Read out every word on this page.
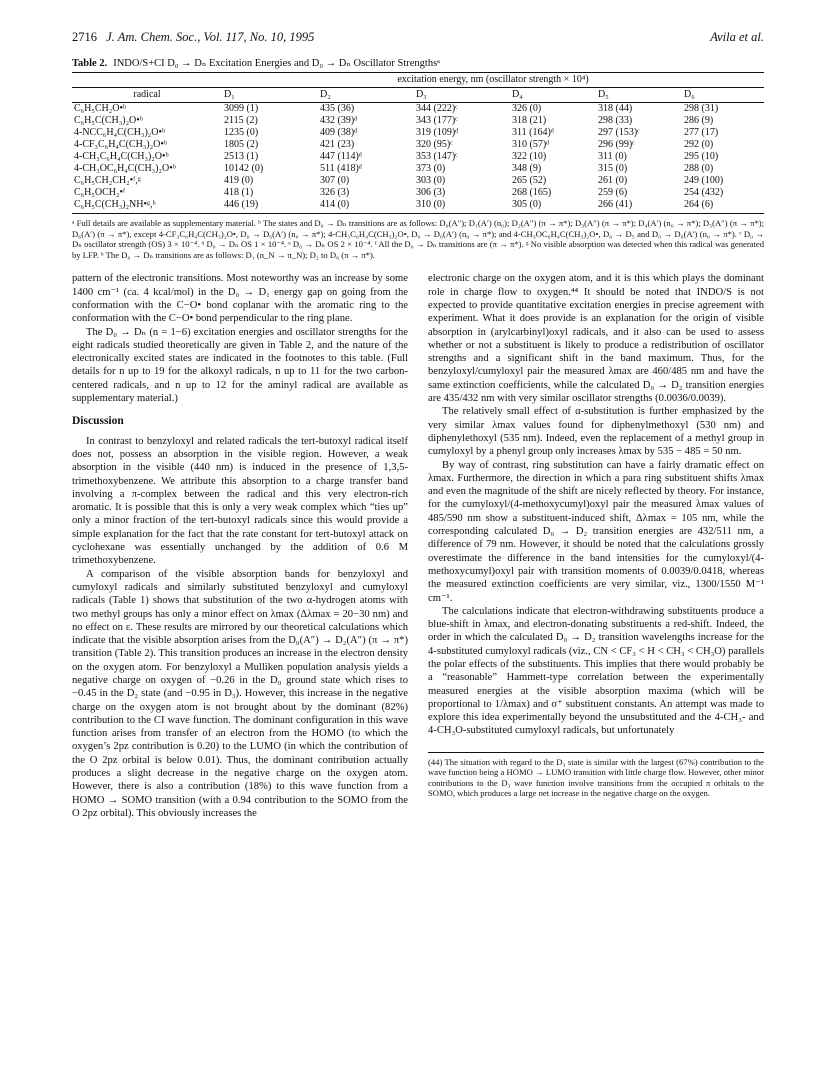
2716 J. Am. Chem. Soc., Vol. 117, No. 10, 1995	Avila et al.
Table 2. INDO/S+CI D₀ → Dₙ Excitation Energies and D₀ → Dₙ Oscillator Strengthsᵃ

	excitation energy, nm (oscillator strength × 10⁴)					
radical	D₁	D₂	D₃	D₄	D₅	D₆
C₆H₅CH₂O•ᵇ	3099 (1)	435 (36)	344 (222)ᶜ	326 (0)	318 (44)	298 (31)
C₆H₅C(CH₃)₂O•ᵇ	2115 (2)	432 (39)ᵈ	343 (177)ᶜ	318 (21)	298 (33)	286 (9)
4-NCC₆H₄C(CH₃)₂O•ᵇ	1235 (0)	409 (38)ᵈ	319 (109)ᵈ	311 (164)ᵈ	297 (153)ᶜ	277 (17)
4-CF₃C₆H₄C(CH₃)₂O•ᵇ	1805 (2)	421 (23)	320 (95)ᶜ	310 (57)ᵈ	296 (99)ᶜ	292 (0)
4-CH₃C₆H₄C(CH₃)₂O•ᵇ	2513 (1)	447 (114)ᵈ	353 (147)ᶜ	322 (10)	311 (0)	295 (10)
4-CH₃OC₆H₄C(CH₃)₂O•ᵇ	10142 (0)	511 (418)ᵈ	373 (0)	348 (9)	315 (0)	288 (0)
C₆H₅CH₂CH₂•ᶠ,ᵍ	419 (0)	307 (0)	303 (0)	265 (52)	261 (0)	249 (100)
C₆H₅OCH₂•ᶠ	418 (1)	326 (3)	306 (3)	268 (165)	259 (6)	254 (432)
C₆H₅C(CH₃)₂NH•ᵍ,ʰ	446 (19)	414 (0)	310 (0)	305 (0)	266 (41)	264 (6)
ᵃ Full details are available as supplementary material. ᵇ The states and D₀ → Dₙ transitions are as follows: D₀(A″); D₁(A′) (n₀); D₂(A″) (π → π*); D₃(A″) (π → π*); D₄(A′) (n₀ → π*); D₅(A″) (π → π*); D₆(A′) (π → π*), except 4-CF₃C₆H₄C(CH₃)₂O•, D₀ → D₆(A′) (n₀ → π*); 4-CH₃C₆H₄C(CH₃)₂O•, D₀ → D₆(A′) (n₀ → π*); and 4-CH₃OC₆H₄C(CH₃)₂O•, D₀ → D₅ and D₀ → D₆(A′) (n₀ → π*). ᶜ D₀ → Dₙ oscillator strength (OS) 3 × 10⁻⁴. ᵈ D₀ → Dₙ OS 1 × 10⁻⁴. ᵉ D₀ → Dₙ OS 2 × 10⁻⁴. ᶠ All the D₀ → Dₙ transitions are (π → π*). ᵍ No visible absorption was detected when this radical was generated by LFP. ʰ The D₀ → Dₙ transitions are as follows: D₁ (n_N → π_N); D₂ to D₆ (π → π*).

pattern of the electronic transitions. Most noteworthy was an increase by some 1400 cm⁻¹ (ca. 4 kcal/mol) in the D₀ → D₁ energy gap on going from the conformation with the C−O• bond coplanar with the aromatic ring to the conformation with the C−O• bond perpendicular to the ring plane.

The D₀ → Dₙ (n = 1−6) excitation energies and oscillator strengths for the eight radicals studied theoretically are given in Table 2, and the nature of the electronically excited states are indicated in the footnotes to this table. (Full details for n up to 19 for the alkoxyl radicals, n up to 11 for the two carbon-centered radicals, and n up to 12 for the aminyl radical are available as supplementary material.)

Discussion

In contrast to benzyloxyl and related radicals the tert-butoxyl radical itself does not, possess an absorption in the visible region. However, a weak absorption in the visible (440 nm) is induced in the presence of 1,3,5-trimethoxybenzene. We attribute this absorption to a charge transfer band involving a π-complex between the radical and this very electron-rich aromatic. It is possible that this is only a very weak complex which “ties up” only a minor fraction of the tert-butoxyl radicals since this would provide a simple explanation for the fact that the rate constant for tert-butoxyl attack on cyclohexane was essentially unchanged by the addition of 0.6 M trimethoxybenzene.

A comparison of the visible absorption bands for benzyloxyl and cumyloxyl radicals and similarly substituted benzyloxyl and cumyloxyl radicals (Table 1) shows that substitution of the two α-hydrogen atoms with two methyl groups has only a minor effect on λmax (Δλmax = 20−30 nm) and no effect on ε. These results are mirrored by our theoretical calculations which indicate that the visible absorption arises from the D₀(A″) → D₂(A″) (π → π*) transition (Table 2). This transition produces an increase in the electron density on the oxygen atom. For benzyloxyl a Mulliken population analysis yields a negative charge on oxygen of −0.26 in the D₀ ground state which rises to −0.45 in the D₂ state (and −0.95 in D₃). However, this increase in the negative charge on the oxygen atom is not brought about by the dominant (82%) contribution to the CI wave function. The dominant configuration in this wave function arises from transfer of an electron from the HOMO (to which the oxygen’s 2pz contribution is 0.20) to the LUMO (in which the contribution of the O 2pz orbital is below 0.01). Thus, the dominant contribution actually produces a slight decrease in the negative charge on the oxygen atom. However, there is also a contribution (18%) to this wave function from a HOMO → SOMO transition (with a 0.94 contribution to the SOMO from the O 2pz orbital). This obviously increases the

electronic charge on the oxygen atom, and it is this which plays the dominant role in charge flow to oxygen.⁴⁴ It should be noted that INDO/S is not expected to provide quantitative excitation energies in precise agreement with experiment. What it does provide is an explanation for the origin of visible absorption in (arylcarbinyl)oxyl radicals, and it also can be used to assess whether or not a substituent is likely to produce a redistribution of oscillator strengths and a significant shift in the band maximum. Thus, for the benzyloxyl/cumyloxyl pair the measured λmax are 460/485 nm and have the same extinction coefficients, while the calculated D₀ → D₂ transition energies are 435/432 nm with very similar oscillator strengths (0.0036/0.0039).

The relatively small effect of α-substitution is further emphasized by the very similar λmax values found for diphenylmethoxyl (530 nm) and diphenylethoxyl (535 nm). Indeed, even the replacement of a methyl group in cumyloxyl by a phenyl group only increases λmax by 535 − 485 = 50 nm.

By way of contrast, ring substitution can have a fairly dramatic effect on λmax. Furthermore, the direction in which a para ring substituent shifts λmax and even the magnitude of the shift are nicely reflected by theory. For instance, for the cumyloxyl/(4-methoxycumyl)oxyl pair the measured λmax values of 485/590 nm show a substituent-induced shift, Δλmax = 105 nm, while the corresponding calculated D₀ → D₂ transition energies are 432/511 nm, a difference of 79 nm. However, it should be noted that the calculations grossly overestimate the difference in the band intensities for the cumyloxyl/(4-methoxycumyl)oxyl pair with transition moments of 0.0039/0.0418, whereas the measured extinction coefficients are very similar, viz., 1300/1550 M⁻¹ cm⁻¹.

The calculations indicate that electron-withdrawing substituents produce a blue-shift in λmax, and electron-donating substituents a red-shift. Indeed, the order in which the calculated D₀ → D₂ transition wavelengths increase for the 4-substituted cumyloxyl radicals (viz., CN < CF₃ < H < CH₃ < CH₃O) parallels the polar effects of the substituents. This implies that there would probably be a “reasonable” Hammett-type correlation between the experimentally measured energies at the visible absorption maxima (which will be proportional to 1/λmax) and σ⁺ substituent constants. An attempt was made to explore this idea experimentally beyond the unsubstituted and the 4-CH₃- and 4-CH₃O-substituted cumyloxyl radicals, but unfortunately

(44) The situation with regard to the D₃ state is similar with the largest (67%) contribution to the wave function being a HOMO → LUMO transition with little charge flow. However, other minor contributions to the D₃ wave function involve transitions from the occupied π orbitals to the SOMO, which produces a large net increase in the negative charge on the oxygen.
